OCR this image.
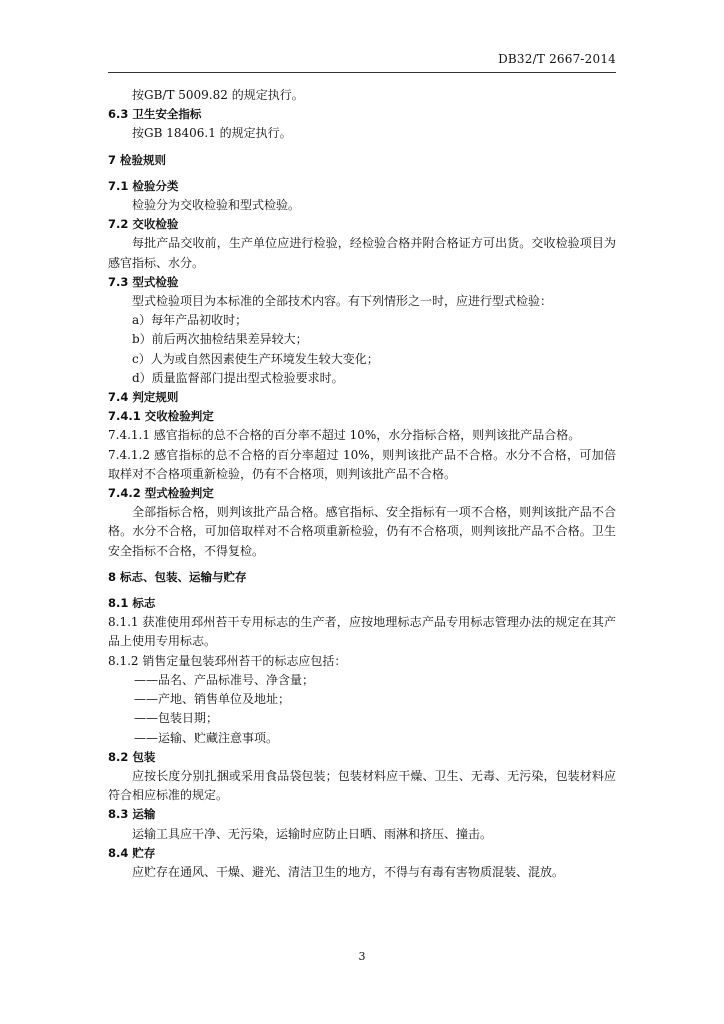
DB32/T 2667-2014

按GB/T 5009.82 的规定执行。

6.3 卫生安全指标

按GB 18406.1 的规定执行。

7 检验规则

7.1 检验分类

检验分为交收检验和型式检验。

7.2 交收检验

每批产品交收前，生产单位应进行检验，经检验合格并附合格证方可出货。交收检验项目为感官指标、水分。

7.3 型式检验

型式检验项目为本标准的全部技术内容。有下列情形之一时，应进行型式检验：

a）每年产品初收时；

b）前后两次抽检结果差异较大；

c）人为或自然因素使生产环境发生较大变化；

d）质量监督部门提出型式检验要求时。

7.4 判定规则

7.4.1 交收检验判定

7.4.1.1 感官指标的总不合格的百分率不超过 10%，水分指标合格，则判该批产品合格。

7.4.1.2 感官指标的总不合格的百分率超过 10%，则判该批产品不合格。水分不合格，可加倍取样对不合格项重新检验，仍有不合格项，则判该批产品不合格。

7.4.2 型式检验判定

全部指标合格，则判该批产品合格。感官指标、安全指标有一项不合格，则判该批产品不合格。水分不合格，可加倍取样对不合格项重新检验，仍有不合格项，则判该批产品不合格。卫生安全指标不合格，不得复检。

8 标志、包装、运输与贮存

8.1 标志

8.1.1 获准使用邳州苔干专用标志的生产者，应按地理标志产品专用标志管理办法的规定在其产品上使用专用标志。

8.1.2 销售定量包装邳州苔干的标志应包括：

——品名、产品标准号、净含量；

——产地、销售单位及地址；

——包装日期；

——运输、贮藏注意事项。

8.2 包装

应按长度分别扎捆或采用食品袋包装；包装材料应干燥、卫生、无毒、无污染，包装材料应符合相应标准的规定。

8.3 运输

运输工具应干净、无污染，运输时应防止日晒、雨淋和挤压、撞击。

8.4 贮存

应贮存在通风、干燥、避光、清洁卫生的地方，不得与有毒有害物质混装、混放。

3
